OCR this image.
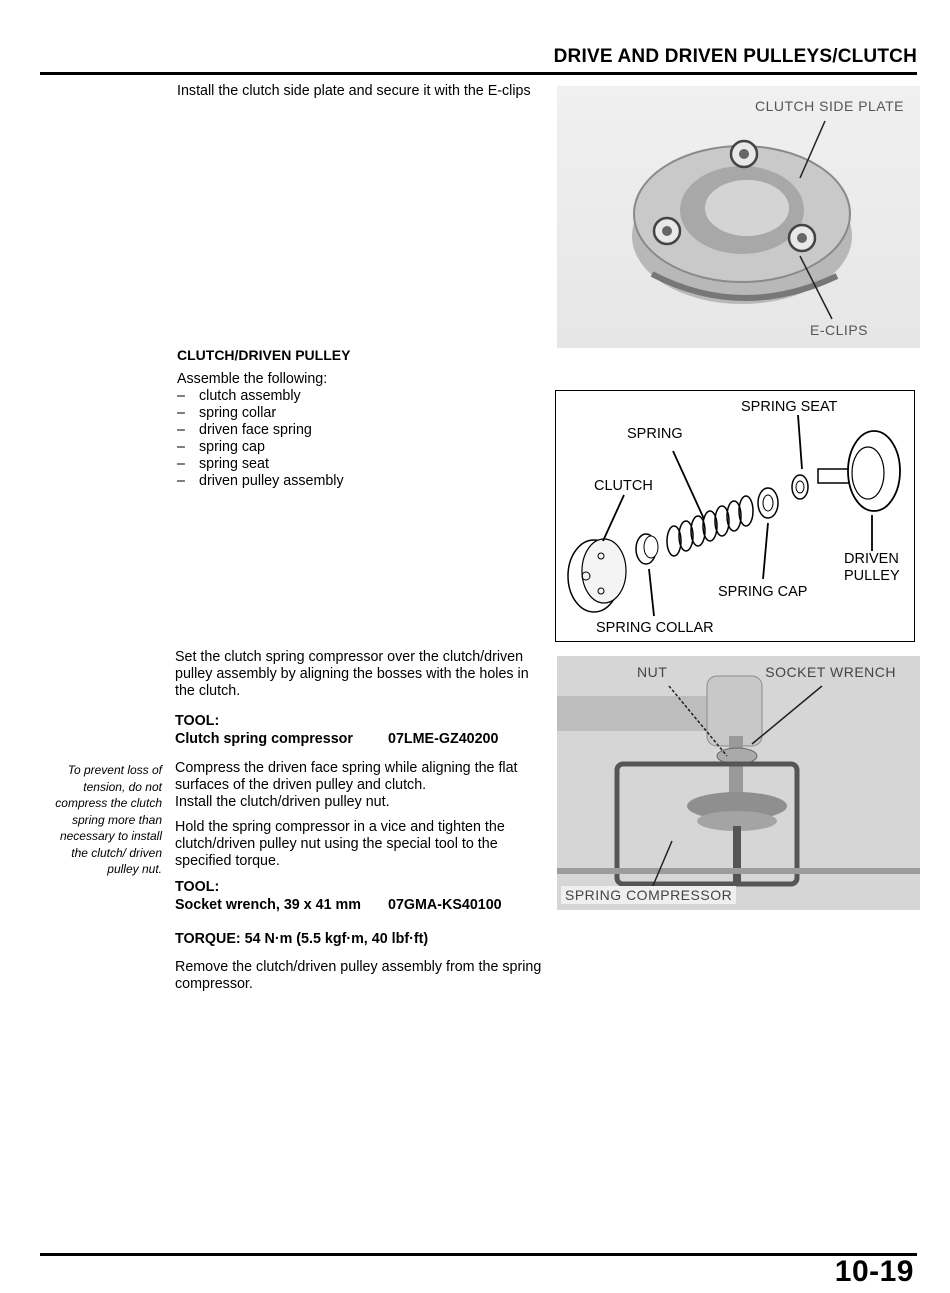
DRIVE AND DRIVEN PULLEYS/CLUTCH
Install the clutch side plate and secure it with the E-clips
CLUTCH SIDE PLATE
E-CLIPS
CLUTCH/DRIVEN PULLEY
Assemble the following:
– clutch assembly
– spring collar
– driven face spring
– spring cap
– spring seat
– driven pulley assembly
SPRING SEAT
SPRING
CLUTCH
DRIVEN
PULLEY
SPRING CAP
SPRING COLLAR
Set the clutch spring compressor over the clutch/driven pulley assembly by aligning the bosses with the holes in the clutch.
TOOL:
Clutch spring compressor 07LME-GZ40200
To prevent loss of tension, do not compress the clutch spring more than necessary to install the clutch/ driven pulley nut.
Compress the driven face spring while aligning the flat surfaces of the driven pulley and clutch.
Install the clutch/driven pulley nut.
Hold the spring compressor in a vice and tighten the clutch/driven pulley nut using the special tool to the specified torque.
TOOL:
Socket wrench, 39 x 41 mm 07GMA-KS40100
TORQUE: 54 N·m (5.5 kgf·m, 40 lbf·ft)
Remove the clutch/driven pulley assembly from the spring compressor.
NUT	SOCKET WRENCH
SPRING COMPRESSOR
10-19
